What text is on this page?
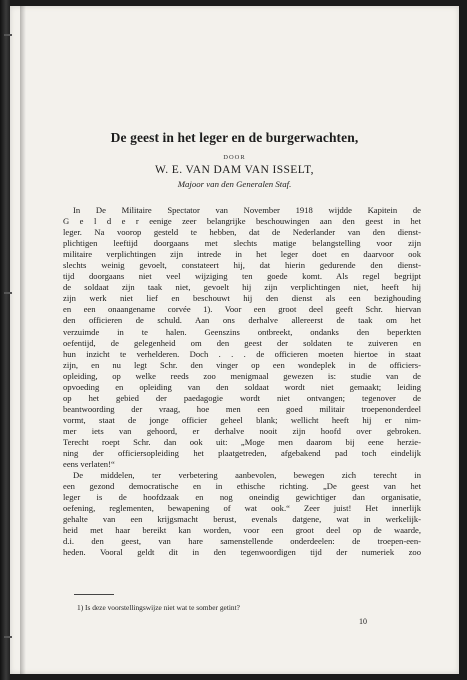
De geest in het leger en de burgerwachten,
DOOR
W. E. VAN DAM VAN ISSELT,
Majoor van den Generalen Staf.
In De Militaire Spectator van November 1918 wijdde Kapitein de
G e l d e r eenige zeer belangrijke beschouwingen aan den geest in het
leger. Na voorop gesteld te hebben, dat de Nederlander van den dienst-
plichtigen leeftijd doorgaans met slechts matige belangstelling voor zijn
militaire verplichtingen zijn intrede in het leger doet en daarvoor ook
slechts weinig gevoelt, constateert hij, dat hierin gedurende den dienst-
tijd doorgaans niet veel wijziging ten goede komt. Als regel begrijpt
de soldaat zijn taak niet, gevoelt hij zijn verplichtingen niet, heeft hij
zijn werk niet lief en beschouwt hij den dienst als een bezighouding
en een onaangename corvée 1). Voor een groot deel geeft Schr. hiervan
den officieren de schuld. Aan ons derhalve allereerst de taak om het
verzuimde in te halen. Geenszins ontbreekt, ondanks den beperkten
oefentijd, de gelegenheid om den geest der soldaten te zuiveren en
hun inzicht te verhelderen. Doch . . . de officieren moeten hiertoe in staat
zijn, en nu legt Schr. den vinger op een wondeplek in de officiers-
opleiding, op welke reeds zoo menigmaal gewezen is: studie van de
opvoeding en opleiding van den soldaat wordt niet gemaakt; leiding
op het gebied der paedagogie wordt niet ontvangen; tegenover de
beantwoording der vraag, hoe men een goed militair troepenonderdeel
vormt, staat de jonge officier geheel blank; wellicht heeft hij er nim-
mer iets van gehoord, er derhalve nooit zijn hoofd over gebroken.
Terecht roept Schr. dan ook uit: „Moge men daarom bij eene herzie-
ning der officiersopleiding het plaatgetreden, afgebakend pad toch eindelijk
eens verlaten!“
De middelen, ter verbetering aanbevolen, bewegen zich terecht in
een gezond democratische en in ethische richting. „De geest van het
leger is de hoofdzaak en nog oneindig gewichtiger dan organisatie,
oefening, reglementen, bewapening of wat ook.“ Zeer juist! Het innerlijk
gehalte van een krijgsmacht berust, evenals datgene, wat in werkelijk-
heid met haar bereikt kan worden, voor een groot deel op de waarde,
d.i. den geest, van hare samenstellende onderdeelen: de troepen-een-
heden. Vooral geldt dit in den tegenwoordigen tijd der numeriek zoo
1) Is deze voorstellingswijze niet wat te somber getint?
10
